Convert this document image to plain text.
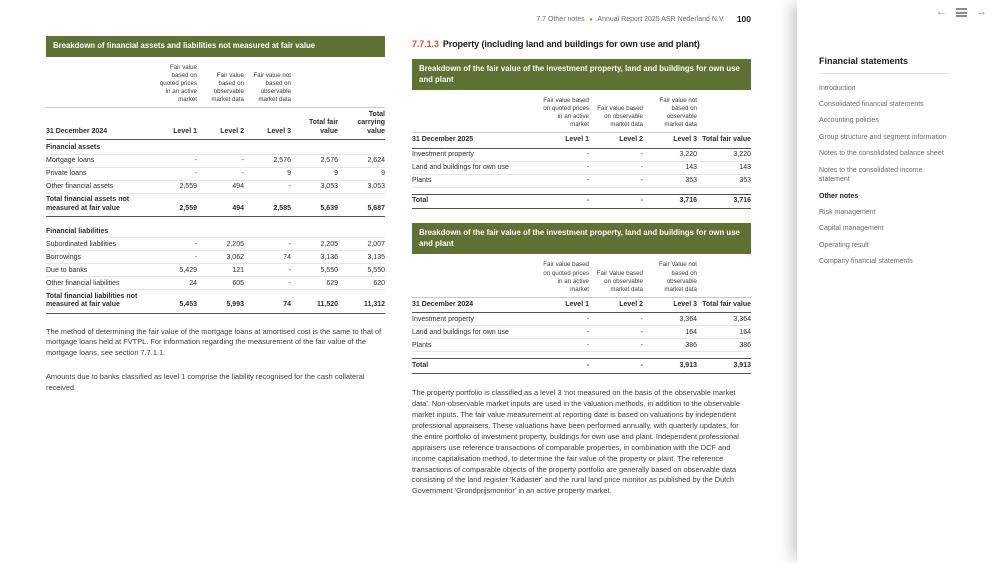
7.7 Other notes • Annual Report 2025 ASR Nederland N.V. 100
Breakdown of financial assets and liabilities not measured at fair value
	Fair value based on quoted prices in an active market	Fair value based on observable market data	Fair value not based on observable market data		
31 December 2024	Level 1	Level 2	Level 3	Total fair value	Total carrying value
Financial assets					
Mortgage loans	-	-	2,576	2,576	2,624
Private loans	-	-	9	9	9
Other financial assets	2,559	494	-	3,053	3,053
Total financial assets not measured at fair value	2,559	494	2,585	5,639	5,687

Financial liabilities					
Subordinated liabilities	-	2,205	-	2,205	2,007
Borrowings	-	3,062	74	3,136	3,135
Due to banks	5,429	121	-	5,550	5,550
Other financial liabilities	24	605	-	629	620
Total financial liabilities not measured at fair value	5,453	5,993	74	11,520	11,312

The method of determining the fair value of the mortgage loans at amortised cost is the same to that of mortgage loans held at FVTPL. For information regarding the measurement of the fair value of the mortgage loans, see section 7.7.1.1.

Amounts due to banks classified as level 1 comprise the liability recognised for the cash collateral received.

7.7.1.3 Property (including land and buildings for own use and plant)
Breakdown of the fair value of the investment property, land and buildings for own use and plant
	Fair value based on quoted prices in an active market	Fair value based on observable market data	Fair value not based on observable market data	
31 December 2025	Level 1	Level 2	Level 3	Total fair value
Investment property	-	-	3,220	3,220
Land and buildings for own use	-	-	143	143
Plants	-	-	353	353

Total	-	-	3,716	3,716
Breakdown of the fair value of the investment property, land and buildings for own use and plant
	Fair value based on quoted prices in an active market	Fair Value based on observable market data	Fair Value not based on observable market data	
31 December 2024	Level 1	Level 2	Level 3	Total fair value
Investment property	-	-	3,364	3,364
Land and buildings for own use	-	-	164	164
Plants	-	-	386	386

Total	-	-	3,913	3,913

The property portfolio is classified as a level 3 'not measured on the basis of the observable market data'. Non-observable market inputs are used in the valuation methods, in addition to the observable market inputs. The fair value measurement at reporting date is based on valuations by independent professional appraisers. These valuations have been performed annually, with quarterly updates, for the entire portfolio of investment property, buildings for own use and plant. Independent professional appraisers use reference transactions of comparable properties, in combination with the DCF and income capitalisation method, to determine the fair value of the property or plant. The reference transactions of comparable objects of the property portfolio are generally based on observable data consisting of the land register 'Kadaster' and the rural land price monitor as published by the Dutch Government 'Grondprijsmonitor' in an active property market.

←	→
Financial statements
Introduction
Consolidated financial statements
Accounting policies
Group structure and segment information
Notes to the consolidated balance sheet
Notes to the consolidated income statement
Other notes
Risk management
Capital management
Operating result
Company financial statements
